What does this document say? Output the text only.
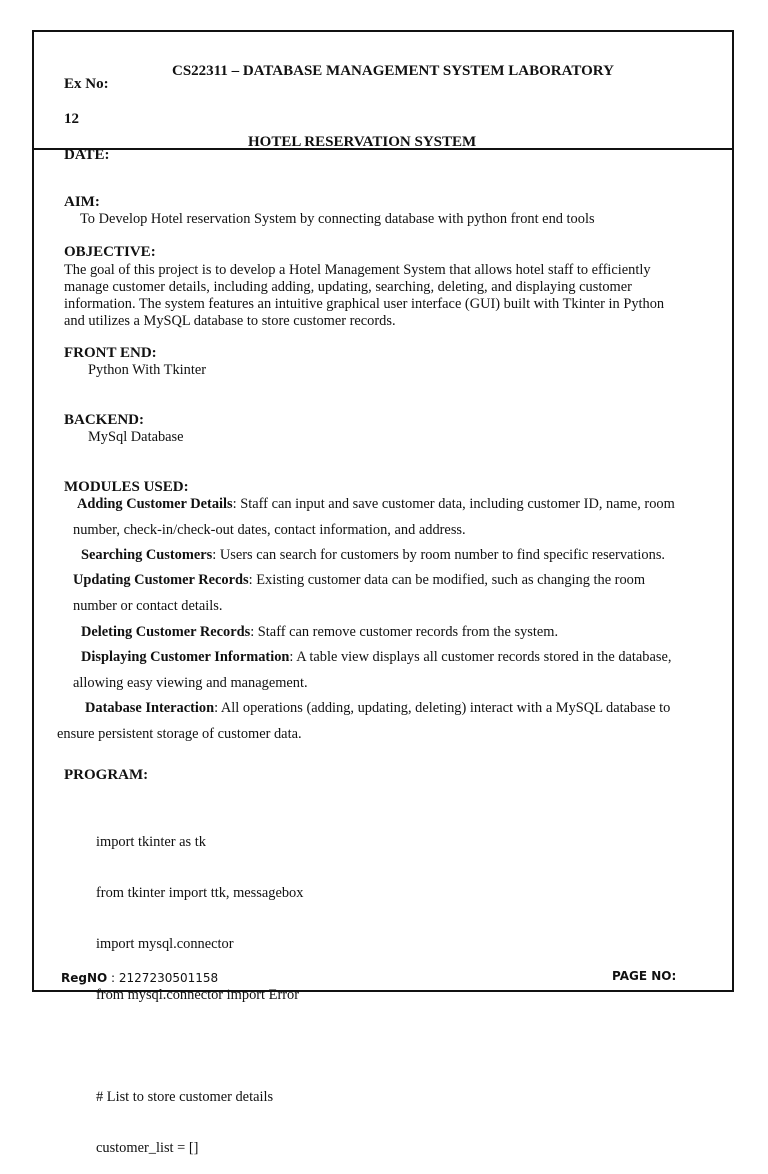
CS22311 – DATABASE MANAGEMENT SYSTEM LABORATORY
Ex No:
12
HOTEL RESERVATION SYSTEM
DATE:
AIM:
To Develop Hotel reservation System by connecting database with python front end tools
OBJECTIVE:
The goal of this project is to develop a Hotel Management System that allows hotel staff to efficiently
manage customer details, including adding, updating, searching, deleting, and displaying customer
information. The system features an intuitive graphical user interface (GUI) built with Tkinter in Python
and utilizes a MySQL database to store customer records.
FRONT END:
Python With Tkinter
BACKEND:
MySql Database
MODULES USED:
Adding Customer Details: Staff can input and save customer data, including customer ID, name, room
number, check-in/check-out dates, contact information, and address.
Searching Customers: Users can search for customers by room number to find specific reservations.
Updating Customer Records: Existing customer data can be modified, such as changing the room
number or contact details.
Deleting Customer Records: Staff can remove customer records from the system.
Displaying Customer Information: A table view displays all customer records stored in the database,
allowing easy viewing and management.
Database Interaction: All operations (adding, updating, deleting) interact with a MySQL database to
ensure persistent storage of customer data.
PROGRAM:

import tkinter as tk

from tkinter import ttk, messagebox

import mysql.connector

from mysql.connector import Error

# List to store customer details

customer_list = []

RegNO : 2127230501158	PAGE NO:
